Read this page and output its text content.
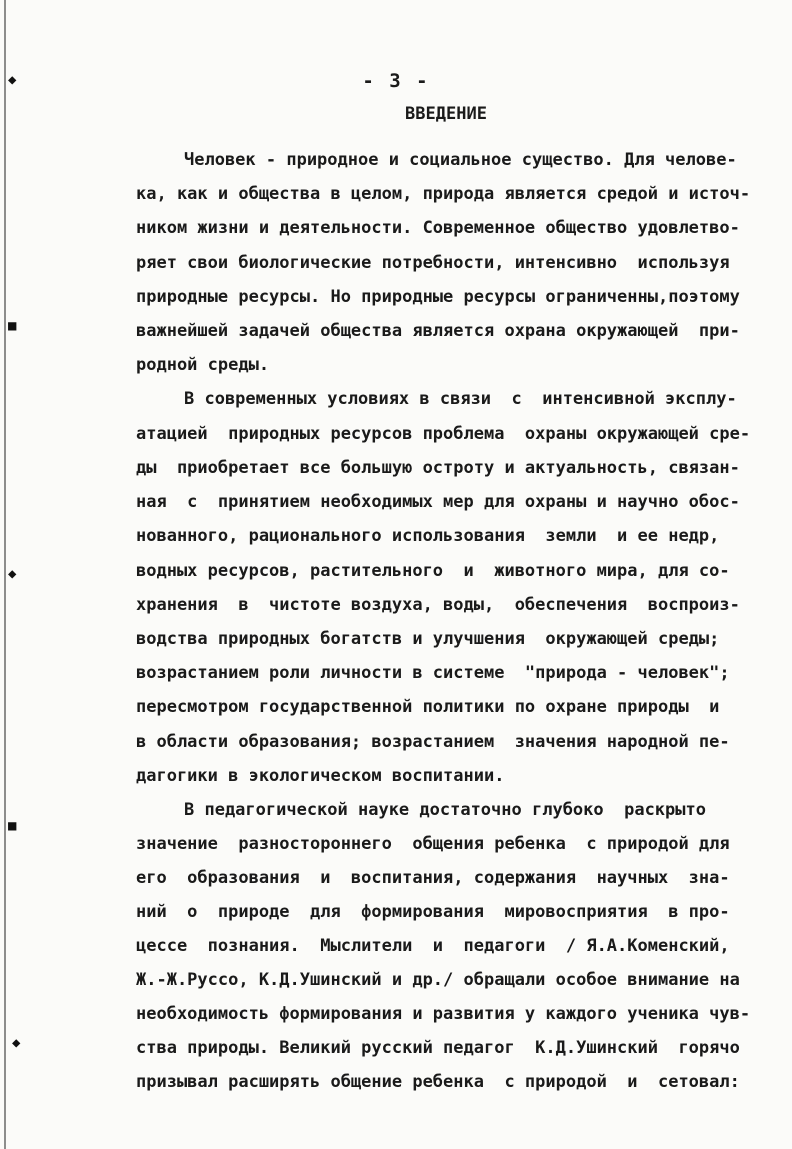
◆
■
◆
■
◆
- 3 -
ВВЕДЕНИЕ
Человек - природное и социальное существо. Для челове-
ка, как и общества в целом, природа является средой и источ-
ником жизни и деятельности. Современное общество удовлетво-
ряет свои биологические потребности, интенсивно  используя
природные ресурсы. Но природные ресурсы ограниченны,поэтому
важнейшей задачей общества является охрана окружающей  при-
родной среды.
В современных условиях в связи  с  интенсивной эксплу-
атацией  природных ресурсов проблема  охраны окружающей сре-
ды  приобретает все большую остроту и актуальность, связан-
ная  с  принятием необходимых мер для охраны и научно обос-
нованного, рационального использования  земли  и ее недр,
водных ресурсов, растительного  и  животного мира, для со-
хранения  в  чистоте воздуха, воды,  обеспечения  воспроиз-
водства природных богатств и улучшения  окружающей среды;
возрастанием роли личности в системе  "природа - человек";
пересмотром государственной политики по охране природы  и
в области образования; возрастанием  значения народной пе-
дагогики в экологическом воспитании.
В педагогической науке достаточно глубоко  раскрыто
значение  разностороннего  общения ребенка  с природой для
его  образования  и  воспитания, содержания  научных  зна-
ний  о  природе  для  формирования  мировосприятия  в про-
цессе  познания.  Мыслители  и  педагоги  / Я.А.Коменский,
Ж.-Ж.Руссо, К.Д.Ушинский и др./ обращали особое внимание на
необходимость формирования и развития у каждого ученика чув-
ства природы. Великий русский педагог  К.Д.Ушинский  горячо
призывал расширять общение ребенка  с природой  и  сетовал:
